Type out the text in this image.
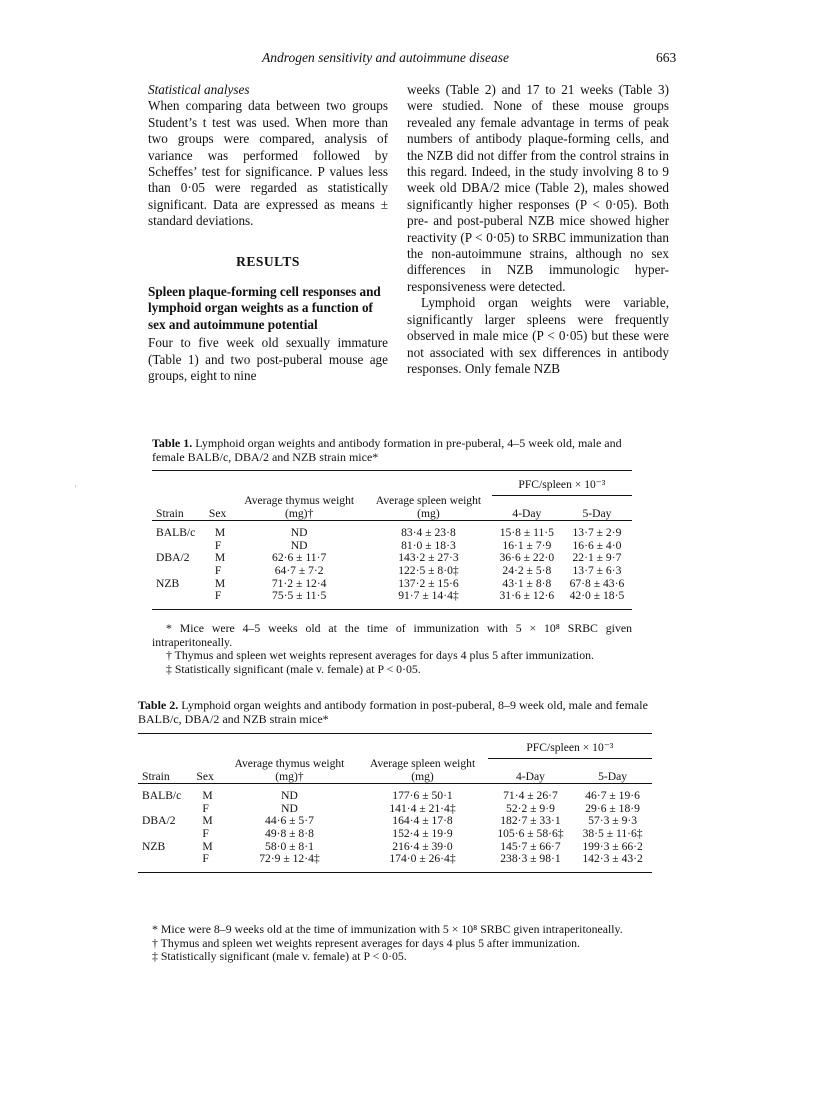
Androgen sensitivity and autoimmune disease	663

Statistical analyses

When comparing data between two groups Student’s t test was used. When more than two groups were compared, analysis of variance was performed followed by Scheffes’ test for significance. P values less than 0·05 were regarded as statistically significant. Data are expressed as means ± standard deviations.

RESULTS

Spleen plaque-forming cell responses and lymphoid organ weights as a function of sex and autoimmune potential

Four to five week old sexually immature (Table 1) and two post-puberal mouse age groups, eight to nine

weeks (Table 2) and 17 to 21 weeks (Table 3) were studied. None of these mouse groups revealed any female advantage in terms of peak numbers of antibody plaque-forming cells, and the NZB did not differ from the control strains in this regard. Indeed, in the study involving 8 to 9 week old DBA/2 mice (Table 2), males showed significantly higher responses (P < 0·05). Both pre- and post-puberal NZB mice showed higher reactivity (P < 0·05) to SRBC immunization than the non-autoimmune strains, although no sex differences in NZB immunologic hyper-responsiveness were detected.

Lymphoid organ weights were variable, significantly larger spleens were frequently observed in male mice (P < 0·05) but these were not associated with sex differences in antibody responses. Only female NZB

'
Table 1. Lymphoid organ weights and antibody formation in pre-puberal, 4–5 week old, male and female BALB/c, DBA/2 and NZB strain mice*

				PFC/spleen × 10⁻³	
		Average thymus weight	Average spleen weight		
Strain	Sex	(mg)†	(mg)	4-Day	5-Day

BALB/c	M	ND	83·4 ± 23·8	15·8 ± 11·5	13·7 ± 2·9
	F	ND	81·0 ± 18·3	16·1 ± 7·9	16·6 ± 4·0
DBA/2	M	62·6 ± 11·7	143·2 ± 27·3	36·6 ± 22·0	22·1 ± 9·7
	F	64·7 ± 7·2	122·5 ± 8·0‡	24·2 ± 5·8	13·7 ± 6·3
NZB	M	71·2 ± 12·4	137·2 ± 15·6	43·1 ± 8·8	67·8 ± 43·6
	F	75·5 ± 11·5	91·7 ± 14·4‡	31·6 ± 12·6	42·0 ± 18·5

* Mice were 4–5 weeks old at the time of immunization with 5 × 10⁸ SRBC given intraperitoneally.

† Thymus and spleen wet weights represent averages for days 4 plus 5 after immunization.

‡ Statistically significant (male v. female) at P < 0·05.

Table 2. Lymphoid organ weights and antibody formation in post-puberal, 8–9 week old, male and female BALB/c, DBA/2 and NZB strain mice*

				PFC/spleen × 10⁻³	
		Average thymus weight	Average spleen weight		
Strain	Sex	(mg)†	(mg)	4-Day	5-Day

BALB/c	M	ND	177·6 ± 50·1	71·4 ± 26·7	46·7 ± 19·6
	F	ND	141·4 ± 21·4‡	52·2 ± 9·9	29·6 ± 18·9
DBA/2	M	44·6 ± 5·7	164·4 ± 17·8	182·7 ± 33·1	57·3 ± 9·3
	F	49·8 ± 8·8	152·4 ± 19·9	105·6 ± 58·6‡	38·5 ± 11·6‡
NZB	M	58·0 ± 8·1	216·4 ± 39·0	145·7 ± 66·7	199·3 ± 66·2
	F	72·9 ± 12·4‡	174·0 ± 26·4‡	238·3 ± 98·1	142·3 ± 43·2

* Mice were 8–9 weeks old at the time of immunization with 5 × 10⁸ SRBC given intraperitoneally.

† Thymus and spleen wet weights represent averages for days 4 plus 5 after immunization.

‡ Statistically significant (male v. female) at P < 0·05.
